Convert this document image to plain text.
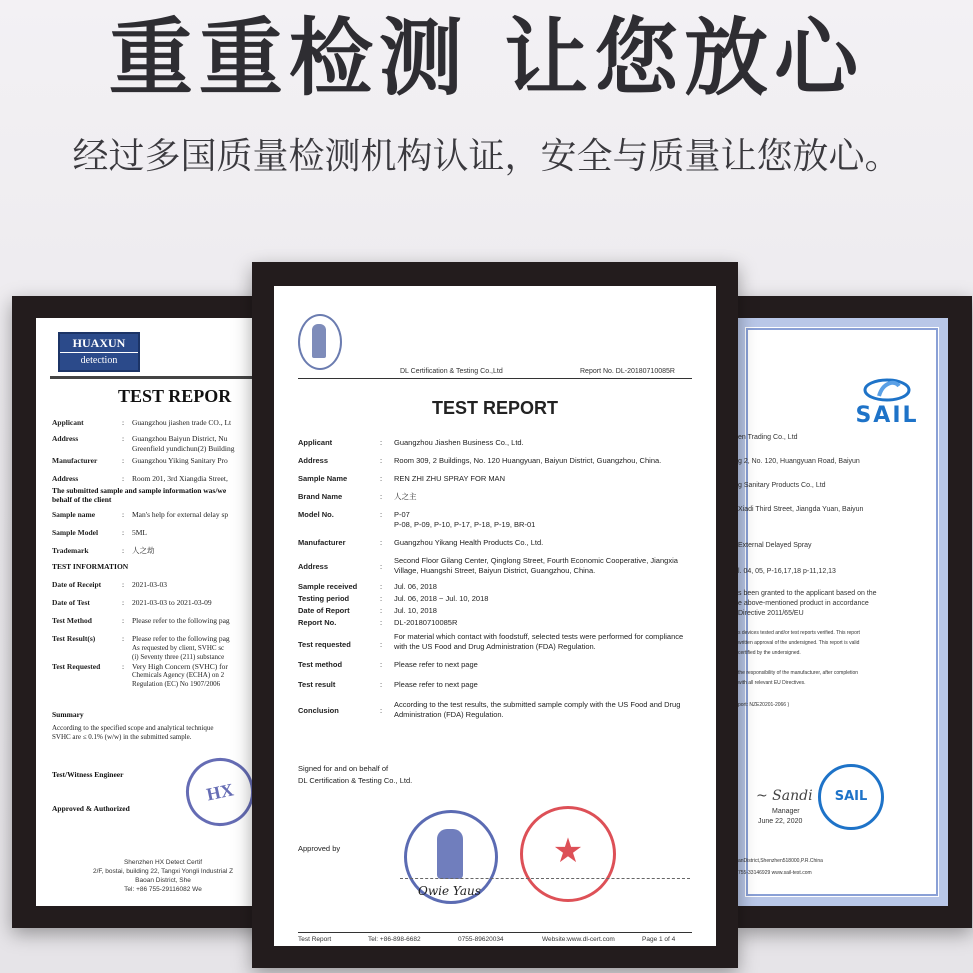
重重检测 让您放心
经过多国质量检测机构认证，安全与质量让您放心。
HUAXUN
detection
TEST REPOR
Applicant	: Guangzhou jiashen trade CO., Lt
Address	: Guangzhou Baiyun District, Nu
Greenfield yundichun(2) Building
Manufacturer	: Guangzhou Yiking Sanitary Pro
Address	: Room 201, 3rd Xiangdia Street,
The submitted sample and sample information was/we
behalf of the client
Sample name	: Man's help for external delay sp
Sample Model	: 5ML
Trademark	: 人之劫
TEST INFORMATION
Date of Receipt	: 2021-03-03
Date of Test	: 2021-03-03 to 2021-03-09
Test Method	: Please refer to the following pag
Test Result(s)	: Please refer to the following pag
As requested by client, SVHC sc
(i) Seventy three (211) substance
Test Requested	: Very High Concern (SVHC) for
Chemicals Agency (ECHA) on 2
Regulation (EC) No 1907/2006
Summary
According to the specified scope and analytical technique
SVHC are ≤ 0.1% (w/w) in the submitted sample.
Test/Witness Engineer
Approved & Authorized
HX
Shenzhen HX Detect Certif
2/F, bostai, building 22, Tangxi Yongli Industrial Z
Baoan District, She
Tel: +86 755-29116082 We
SAIL
en Trading Co., Ltd
g 2, No. 120, Huangyuan Road, Baiyun
g Sanitary Products Co., Ltd
Xiadi Third Street, Jiangda Yuan, Baiyun
External Delayed Spray
l. 04, 05, P-16,17,18 p-11,12,13
s been granted to the applicant based on the
e above-mentioned product in accordance
Directive 2011/65/EU
s devices tested and/or test reports verified. This report
written approval of the undersigned. This report is valid
certified by the undersigned.
the responsibility of the manufacturer, after completion
with all relevant EU Directives.
port: NZE20201-2066 )
~ Sandi
Manager
June 22, 2020
SAIL
anDistrict,Shenzhen518000,P.R.China
755-33146929 www.sail-test.com
DL Certification & Testing Co.,Ltd	Report No. DL-20180710085R
TEST REPORT
Applicant	: Guangzhou Jiashen Business Co., Ltd.
Address	: Room 309, 2 Buildings, No. 120 Huangyuan, Baiyun District, Guangzhou, China.
Sample Name	: REN ZHI ZHU SPRAY FOR MAN
Brand Name	: 人之主
Model No.	: P-07
P-08, P-09, P-10, P-17, P-18, P-19, BR-01
Manufacturer	: Guangzhou Yikang Health Products Co., Ltd.
Address	:
Second Floor Gilang Center, Qinglong Street, Fourth Economic Cooperative, Jiangxia Village, Huangshi Street, Baiyun District, Guangzhou, China.
Sample received	: Jul. 06, 2018
Testing period	: Jul. 06, 2018 ~ Jul. 10, 2018
Date of Report	: Jul. 10, 2018
Report No.	: DL-20180710085R
Test requested	:
For material which contact with foodstuff, selected tests were performed for compliance with the US Food and Drug Administration (FDA) Regulation.
Test method	: Please refer to next page
Test result	: Please refer to next page
Conclusion	:
According to the test results, the submitted sample comply with the US Food and Drug Administration (FDA) Regulation.
Signed for and on behalf of
DL Certification & Testing Co., Ltd.
Approved by
Owie Yaus
★
Test Report	Tel: +86-898-6682	0755-89620034	Website:www.dl-cert.com	Page 1 of 4
